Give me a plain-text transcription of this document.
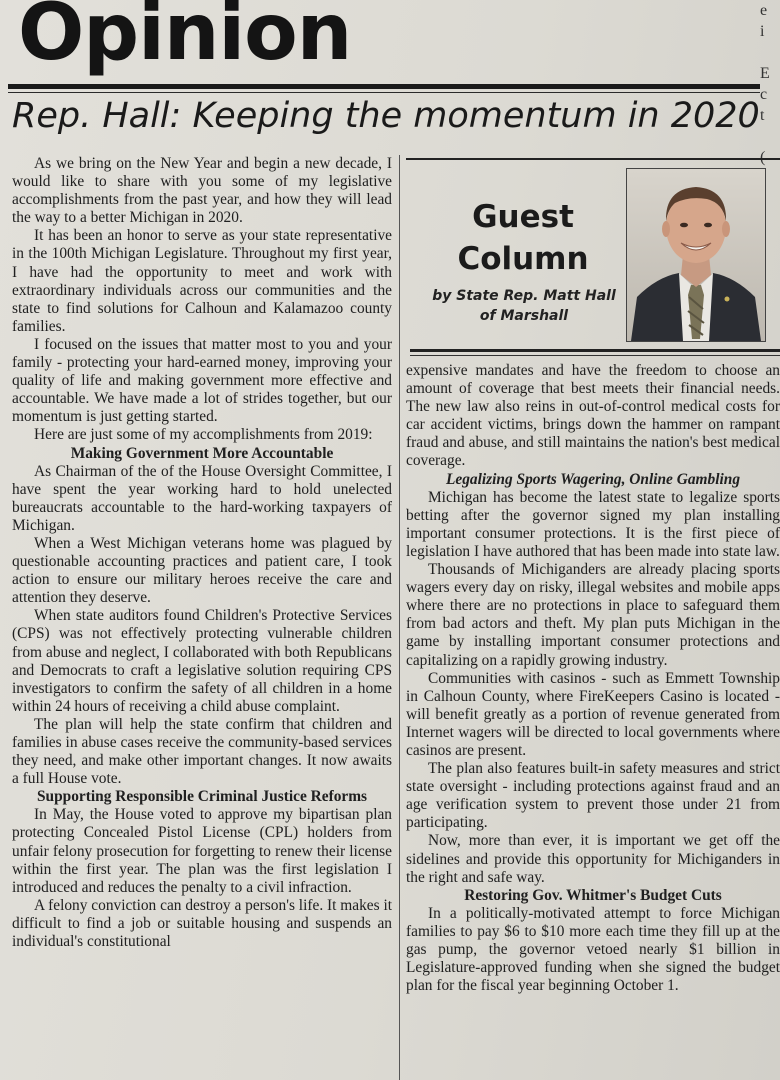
Opinion	e
i

E
c
t

Rep. Hall: Keeping the momentum in 2020

As we bring on the New Year and begin a new decade, I would like to share with you some of my legislative accomplishments from the past year, and how they will lead the way to a better Michigan in 2020.

It has been an honor to serve as your state representative in the 100th Michigan Legislature. Throughout my first year, I have had the opportunity to meet and work with extraordinary individuals across our communities and the state to find solutions for Calhoun and Kalamazoo county families.

I focused on the issues that matter most to you and your family - protecting your hard-earned money, improving your quality of life and making government more effective and accountable. We have made a lot of strides together, but our momentum is just getting started.

Here are just some of my accomplishments from 2019:

Making Government More Accountable

As Chairman of the of the House Oversight Committee, I have spent the year working hard to hold unelected bureaucrats accountable to the hard-working taxpayers of Michigan.

When a West Michigan veterans home was plagued by questionable accounting practices and patient care, I took action to ensure our military heroes receive the care and attention they deserve.

When state auditors found Children's Protective Services (CPS) was not effectively protecting vulnerable children from abuse and neglect, I collaborated with both Republicans and Democrats to craft a legislative solution requiring CPS investigators to confirm the safety of all children in a home within 24 hours of receiving a child abuse complaint.

The plan will help the state confirm that children and families in abuse cases receive the community-based services they need, and make other important changes. It now awaits a full House vote.

Supporting Responsible Criminal Justice Reforms

In May, the House voted to approve my bipartisan plan protecting Concealed Pistol License (CPL) holders from unfair felony prosecution for forgetting to renew their license within the first year. The plan was the first legislation I introduced and reduces the penalty to a civil infraction.

A felony conviction can destroy a person's life. It makes it difficult to find a job or suitable housing and suspends an individual's constitutional

Guest
Column
by State Rep. Matt Hall
of Marshall

expensive mandates and have the freedom to choose an amount of coverage that best meets their financial needs. The new law also reins in out-of-control medical costs for car accident victims, brings down the hammer on rampant fraud and abuse, and still maintains the nation's best medical coverage.

Legalizing Sports Wagering, Online Gambling

Michigan has become the latest state to legalize sports betting after the governor signed my plan installing important consumer protections. It is the first piece of legislation I have authored that has been made into state law.

Thousands of Michiganders are already placing sports wagers every day on risky, illegal websites and mobile apps where there are no protections in place to safeguard them from bad actors and theft. My plan puts Michigan in the game by installing important consumer protections and capitalizing on a rapidly growing industry.

Communities with casinos - such as Emmett Township in Calhoun County, where FireKeepers Casino is located - will benefit greatly as a portion of revenue generated from Internet wagers will be directed to local governments where casinos are present.

The plan also features built-in safety measures and strict state oversight - including protections against fraud and an age verification system to prevent those under 21 from participating.

Now, more than ever, it is important we get off the sidelines and provide this opportunity for Michiganders in the right and safe way.

Restoring Gov. Whitmer's Budget Cuts

In a politically-motivated attempt to force Michigan families to pay $6 to $10 more each time they fill up at the gas pump, the governor vetoed nearly $1 billion in Legislature-approved funding when she signed the budget plan for the fiscal year beginning October 1.
